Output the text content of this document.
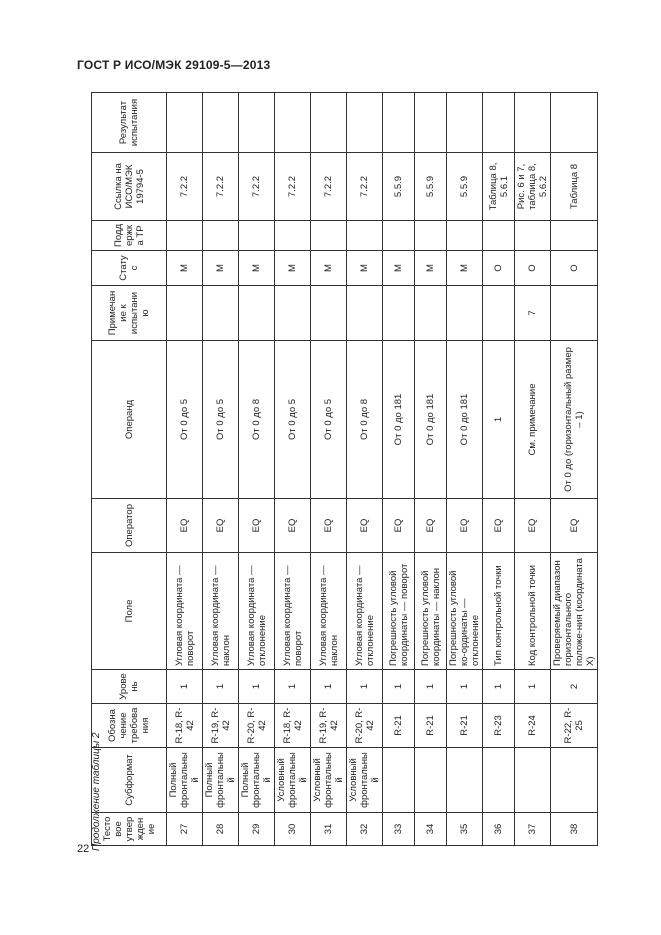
ГОСТ Р ИСО/МЭК 29109-5—2013
22 Продолжение таблицы 2 Тестовое утверждение	Субформат	Обозначение требования	Уровень	Поле	Оператор	Операнд	Примечание к испытанию	Статус	Поддержка ТР	Ссылка на ИСО/МЭК 19794-5	Результат испытания
27	Полный фронтальный	R-18, R-42	1	Угловая координата — поворот	EQ	От 0 до 5		M		7.2.2	
28	Полный фронтальный	R-19, R-42	1	Угловая координата — наклон	EQ	От 0 до 5		M		7.2.2	
29	Полный фронтальный	R-20, R-42	1	Угловая координата — отклонение	EQ	От 0 до 8		M		7.2.2	
30	Условный фронтальный	R-18, R-42	1	Угловая координата — поворот	EQ	От 0 до 5		M		7.2.2	
31	Условный фронтальный	R-19, R-42	1	Угловая координата — наклон	EQ	От 0 до 5		M		7.2.2	
32	Условный фронтальный	R-20, R-42	1	Угловая координата — отклонение	EQ	От 0 до 8		M		7.2.2	
33		R-21	1	Погрешность угловой координаты — поворот	EQ	От 0 до 181		M		5.5.9	
34		R-21	1	Погрешность угловой координаты — наклон	EQ	От 0 до 181		M		5.5.9	
35		R-21	1	Погрешность угловой ко-ординаты — отклонение	EQ	От 0 до 181		M		5.5.9	
36		R-23	1	Тип контрольной точки	EQ	1		O		Таблица 8, 5.6.1	
37		R-24	1	Код контрольной точки	EQ	См. примечание	7	O		Рис. 6 и 7, таблица 8, 5.6.2	
38		R-22, R-25	2	Проверяемый диапазон горизонтального положе-ния (координата X)	EQ	От 0 до (горизонтальный размер – 1)		O		Таблица 8	
